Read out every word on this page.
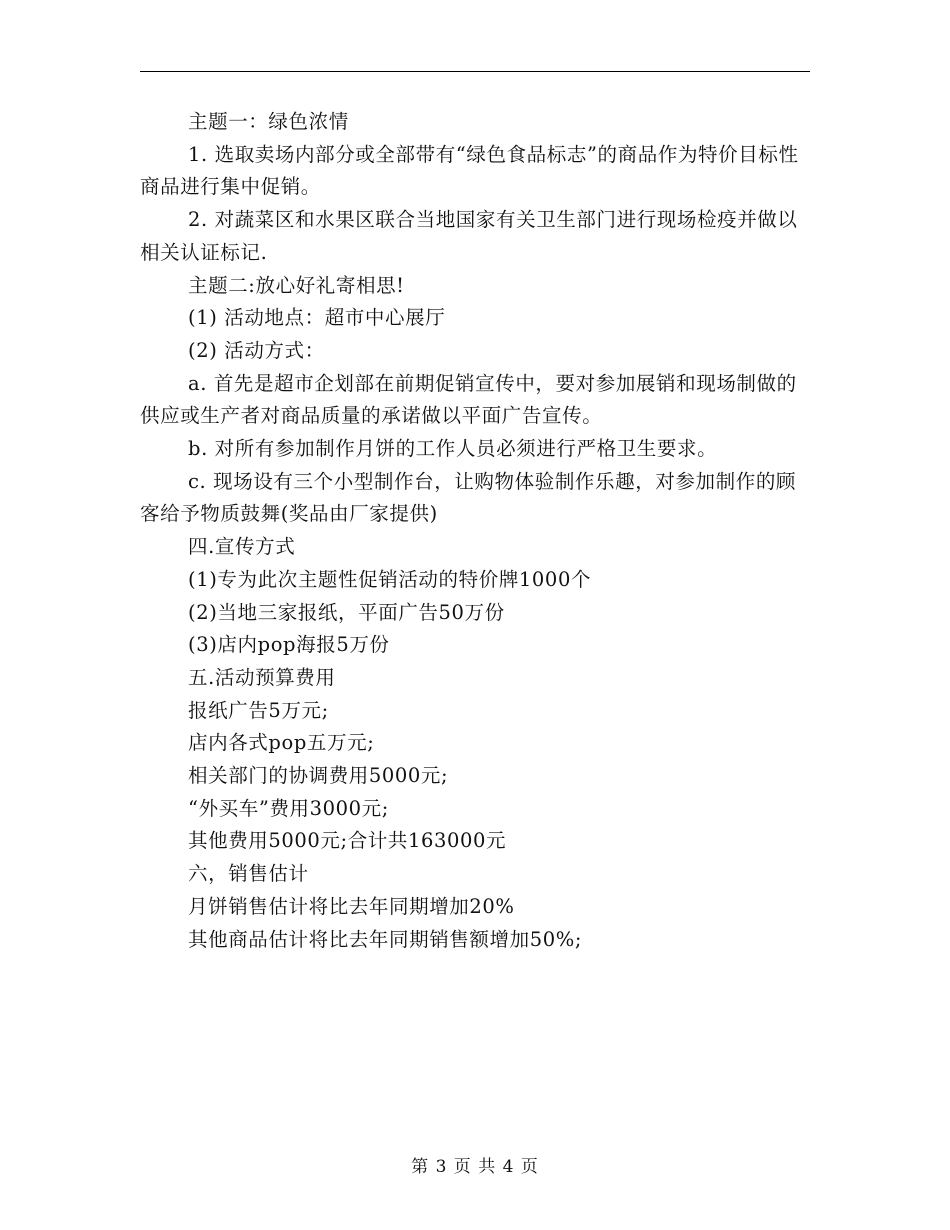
主题一：绿色浓情

1. 选取卖场内部分或全部带有“绿色食品标志”的商品作为特价目标性商品进行集中促销。

2. 对蔬菜区和水果区联合当地国家有关卫生部门进行现场检疫并做以相关认证标记.

主题二:放心好礼寄相思!

(1) 活动地点：超市中心展厅

(2) 活动方式：

a. 首先是超市企划部在前期促销宣传中，要对参加展销和现场制做的供应或生产者对商品质量的承诺做以平面广告宣传。

b. 对所有参加制作月饼的工作人员必须进行严格卫生要求。

c. 现场设有三个小型制作台，让购物体验制作乐趣，对参加制作的顾客给予物质鼓舞(奖品由厂家提供)

四.宣传方式

(1)专为此次主题性促销活动的特价牌1000个

(2)当地三家报纸，平面广告50万份

(3)店内pop海报5万份

五.活动预算费用

报纸广告5万元;

店内各式pop五万元;

相关部门的协调费用5000元;

“外买车”费用3000元;

其他费用5000元;合计共163000元

六，销售估计

月饼销售估计将比去年同期增加20%

其他商品估计将比去年同期销售额增加50%;

第 3 页 共 4 页
